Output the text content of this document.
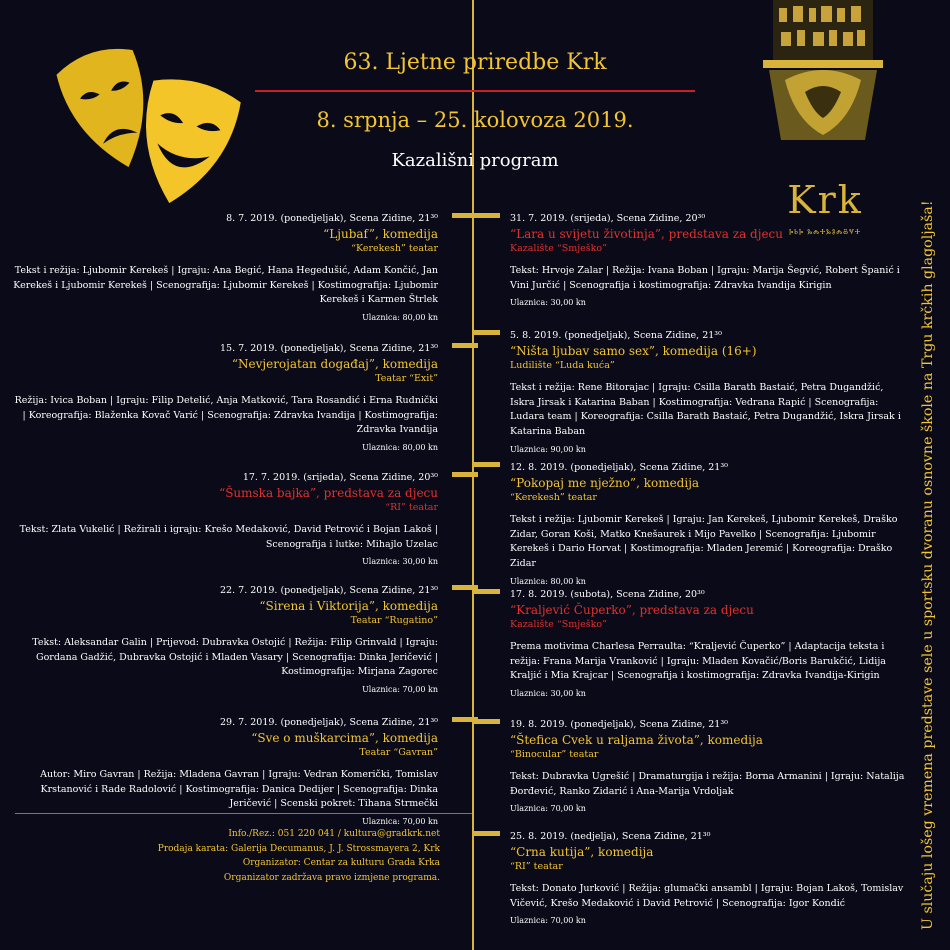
63. Ljetne priredbe Krk
8. srpnja – 25. kolovoza 2019.
Kazališni program
Krk
ⰍⰓⰍ ⰃⰎⰀⰃⰑⰎⰋⰜⰀ
8. 7. 2019. (ponedjeljak), Scena Zidine, 21³⁰
“Ljubaf”, komedija
“Kerekesh” teatar
Tekst i režija: Ljubomir Kerekeš | Igraju: Ana Begić, Hana Hegedušić, Adam Končić, Jan Kerekeš i Ljubomir Kerekeš | Scenografija: Ljubomir Kerekeš | Kostimografija: Ljubomir Kerekeš i Karmen Štrlek
Ulaznica: 80,00 kn
15. 7. 2019. (ponedjeljak), Scena Zidine, 21³⁰
“Nevjerojatan događaj”, komedija
Teatar “Exit”
Režija: Ivica Boban | Igraju: Filip Detelić, Anja Matković, Tara Rosandić i Erna Rudnički | Koreografija: Blaženka Kovač Varić | Scenografija: Zdravka Ivandija | Kostimografija: Zdravka Ivandija
Ulaznica: 80,00 kn
17. 7. 2019. (srijeda), Scena Zidine, 20³⁰
“Šumska bajka”, predstava za djecu
“RI” teatar
Tekst: Zlata Vukelić | Režirali i igraju: Krešo Medaković, David Petrović i Bojan Lakoš | Scenografija i lutke: Mihajlo Uzelac
Ulaznica: 30,00 kn
22. 7. 2019. (ponedjeljak), Scena Zidine, 21³⁰
“Sirena i Viktorija”, komedija
Teatar “Rugatino”
Tekst: Aleksandar Galin | Prijevod: Dubravka Ostojić | Režija: Filip Grinvald | Igraju: Gordana Gadžić, Dubravka Ostojić i Mladen Vasary | Scenografija: Dinka Jeričević | Kostimografija: Mirjana Zagorec
Ulaznica: 70,00 kn
29. 7. 2019. (ponedjeljak), Scena Zidine, 21³⁰
“Sve o muškarcima”, komedija
Teatar “Gavran”
Autor: Miro Gavran | Režija: Mladena Gavran | Igraju: Vedran Komerički, Tomislav Krstanović i Rade Radolović | Kostimografija: Danica Dedijer | Scenografija: Dinka Jeričević | Scenski pokret: Tihana Strmečki
Ulaznica: 70,00 kn
31. 7. 2019. (srijeda), Scena Zidine, 20³⁰
“Lara u svijetu životinja”, predstava za djecu
Kazalište “Smješko”
Tekst: Hrvoje Zalar | Režija: Ivana Boban | Igraju: Marija Šegvić, Robert Španić i Vini Jurčić | Scenografija i kostimografija: Zdravka Ivandija Kirigin
Ulaznica: 30,00 kn
5. 8. 2019. (ponedjeljak), Scena Zidine, 21³⁰
“Ništa ljubav samo sex”, komedija (16+)
Ludilište “Luda kuća”
Tekst i režija: Rene Bitorajac | Igraju: Csilla Barath Bastaić, Petra Dugandžić, Iskra Jirsak i Katarina Baban | Kostimografija: Vedrana Rapić | Scenografija: Ludara team | Koreografija: Csilla Barath Bastaić, Petra Dugandžić, Iskra Jirsak i Katarina Baban
Ulaznica: 90,00 kn
12. 8. 2019. (ponedjeljak), Scena Zidine, 21³⁰
“Pokopaj me nježno”, komedija
“Kerekesh” teatar
Tekst i režija: Ljubomir Kerekeš | Igraju: Jan Kerekeš, Ljubomir Kerekeš, Draško Zidar, Goran Koši, Matko Knešaurek i Mijo Pavelko | Scenografija: Ljubomir Kerekeš i Dario Horvat | Kostimografija: Mladen Jeremić | Koreografija: Draško Zidar
Ulaznica: 80,00 kn
17. 8. 2019. (subota), Scena Zidine, 20³⁰
“Kraljević Čuperko”, predstava za djecu
Kazalište “Smješko”
Prema motivima Charlesa Perraulta: “Kraljević Čuperko” | Adaptacija teksta i režija: Frana Marija Vranković | Igraju: Mladen Kovačić/Boris Barukčić, Lidija Kraljić i Mia Krajcar | Scenografija i kostimografija: Zdravka Ivandija-Kirigin
Ulaznica: 30,00 kn
19. 8. 2019. (ponedjeljak), Scena Zidine, 21³⁰
“Štefica Cvek u raljama života”, komedija
“Binocular” teatar
Tekst: Dubravka Ugrešić | Dramaturgija i režija: Borna Armanini | Igraju: Natalija Đorđević, Ranko Zidarić i Ana-Marija Vrdoljak
Ulaznica: 70,00 kn
25. 8. 2019. (nedjelja), Scena Zidine, 21³⁰
“Crna kutija”, komedija
“RI” teatar
Tekst: Donato Jurković | Režija: glumački ansambl | Igraju: Bojan Lakoš, Tomislav Vičević, Krešo Medaković i David Petrović | Scenografija: Igor Kondić
Ulaznica: 70,00 kn
Info./Rez.: 051 220 041 / kultura@gradkrk.net
Prodaja karata: Galerija Decumanus, J. J. Strossmayera 2, Krk
Organizator: Centar za kulturu Grada Krka
Organizator zadržava pravo izmjene programa.	U slučaju lošeg vremena predstave sele u sportsku dvoranu osnovne škole na Trgu krčkih glagoljaša!
